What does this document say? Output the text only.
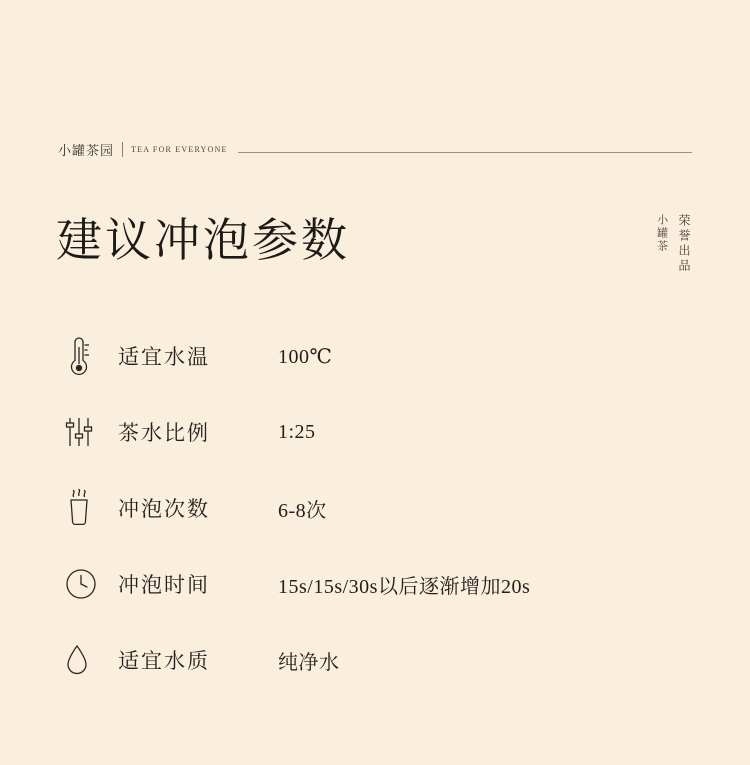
小罐茶园 TEA FOR EVERYONE
建议冲泡参数	荣誉出品
小罐茶
适宜水温	100℃
茶水比例	1:25
冲泡次数	6-8次
冲泡时间	15s/15s/30s以后逐渐增加20s
适宜水质	纯净水
